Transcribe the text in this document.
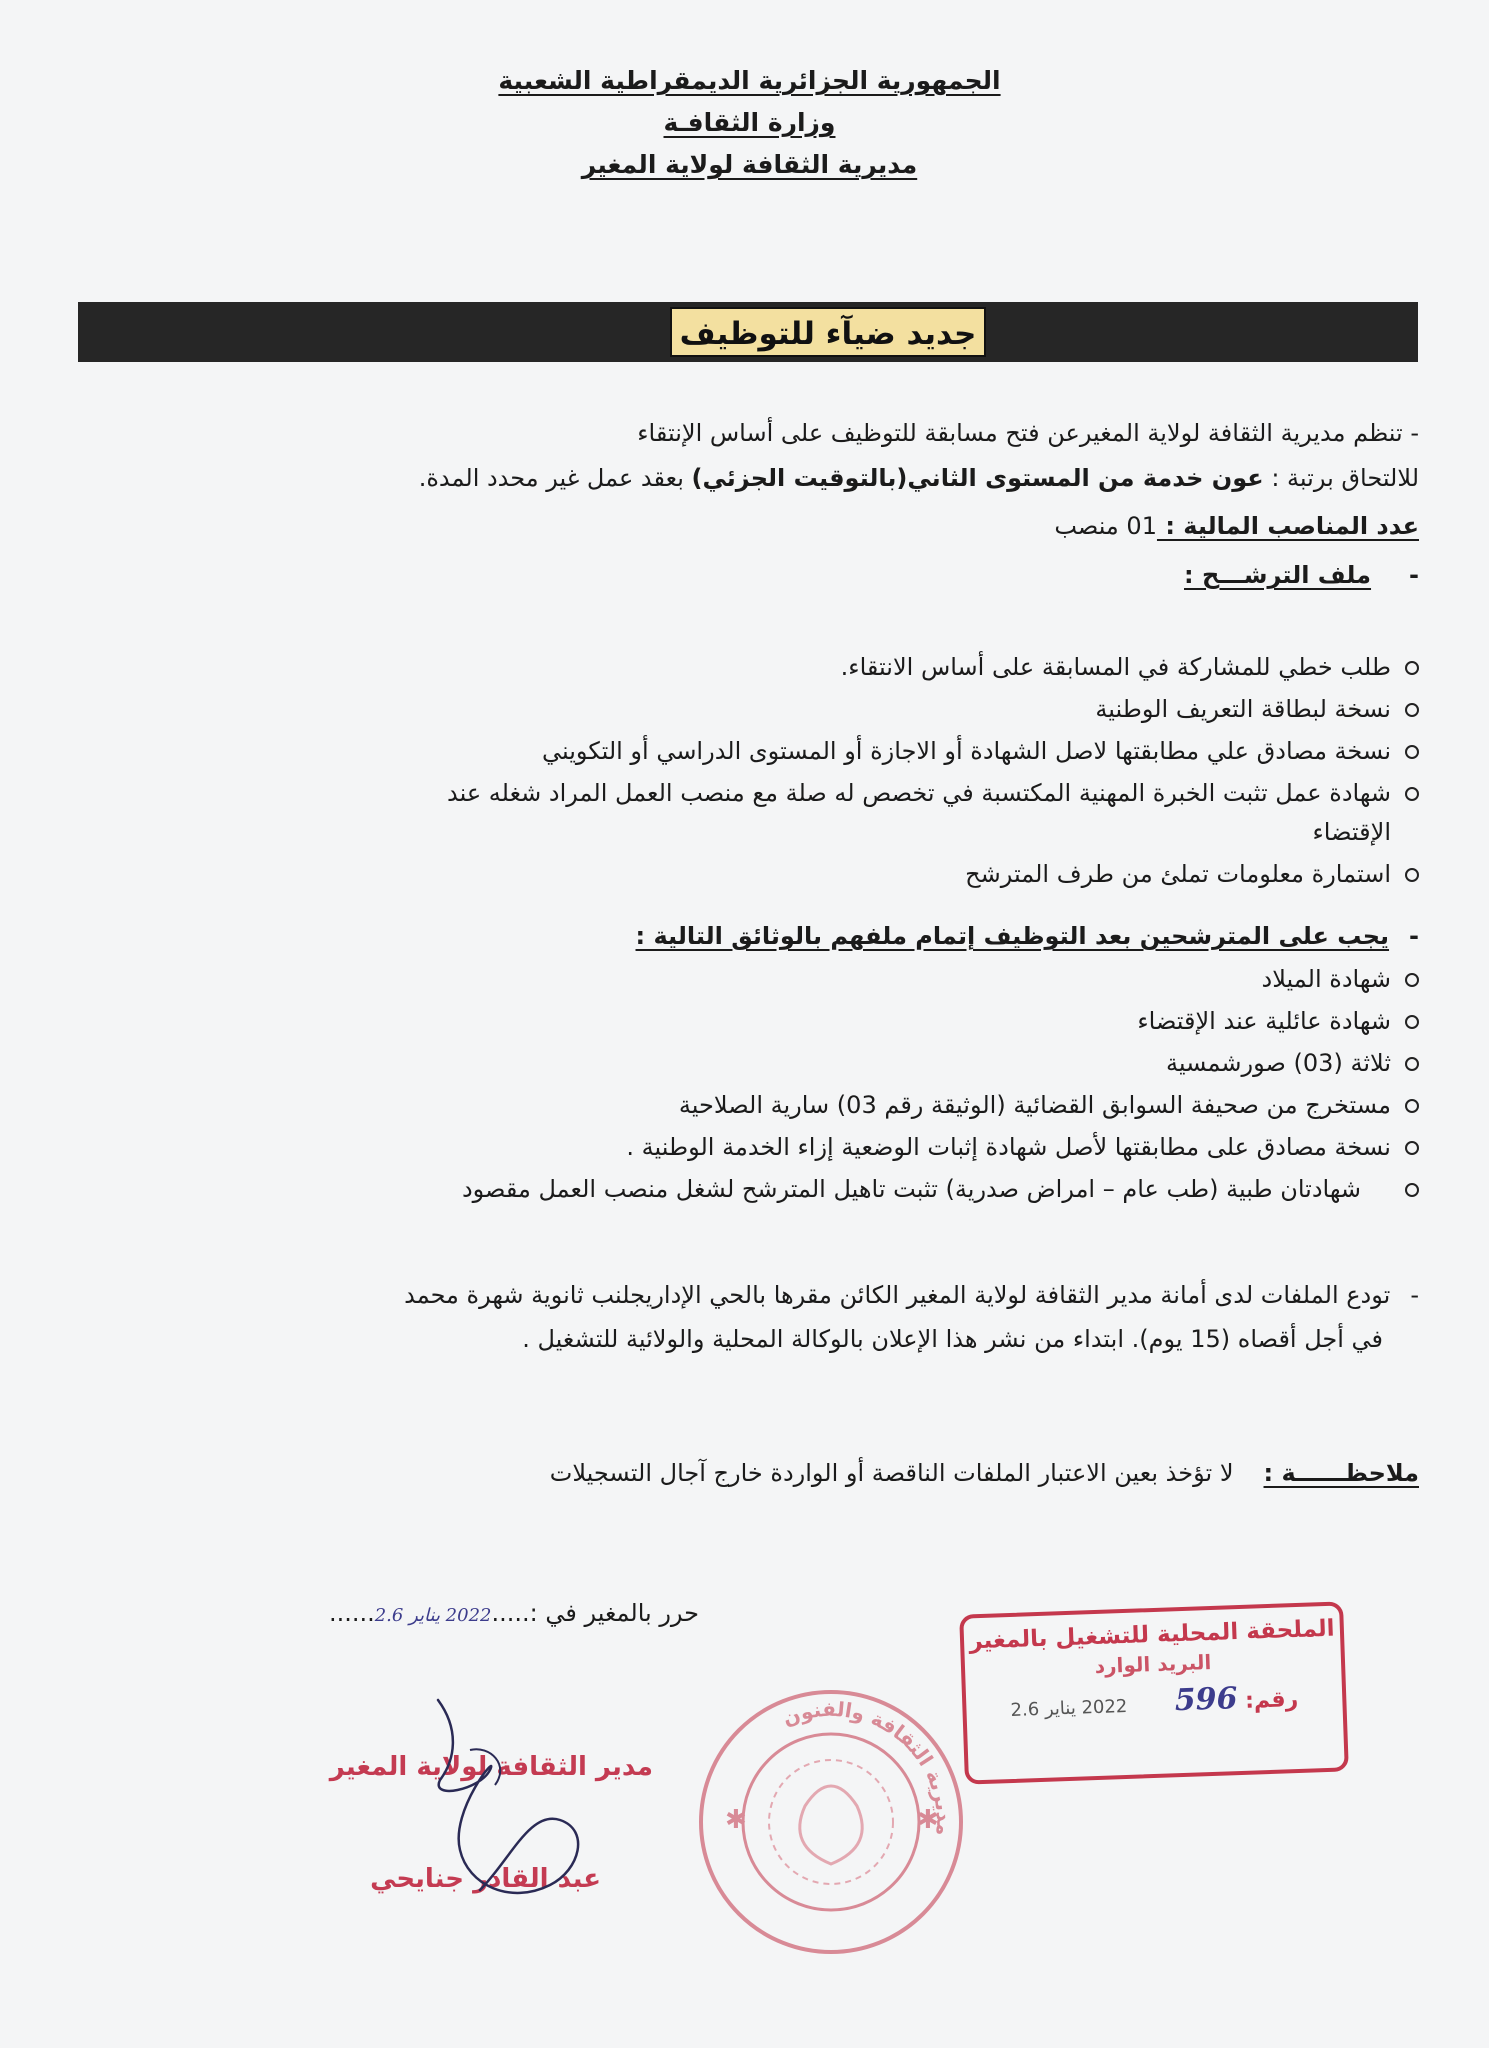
الجمهورية الجزائرية الديمقراطية الشعبية
وزارة الثقافـة
مديرية الثقافة لولاية المغير
جديد ضيآء للتوظيف
- تنظم مديرية الثقافة لولاية المغيرعن فتح مسابقة للتوظيف على أساس الإنتقاء
للالتحاق برتبة : عون خدمة من المستوى الثاني(بالتوقيت الجزئي) بعقد عمل غير محدد المدة.
عدد المناصب المالية : 01 منصب
-ملف الترشـــح :
طلب خطي للمشاركة في المسابقة على أساس الانتقاء.
نسخة لبطاقة التعريف الوطنية
نسخة مصادق علي مطابقتها لاصل الشهادة أو الاجازة أو المستوى الدراسي أو التكويني
شهادة عمل تثبت الخبرة المهنية المكتسبة في تخصص له صلة مع منصب العمل المراد شغله عند الإقتضاء
استمارة معلومات تملئ من طرف المترشح
-يجب على المترشحين بعد التوظيف إتمام ملفهم بالوثائق التالية :
شهادة الميلاد
شهادة عائلية عند الإقتضاء
ثلاثة (03) صورشمسية
مستخرج من صحيفة السوابق القضائية (الوثيقة رقم 03) سارية الصلاحية
نسخة مصادق على مطابقتها لأصل شهادة إثبات الوضعية إزاء الخدمة الوطنية .
شهادتان طبية (طب عام – امراض صدرية) تثبت تاهيل المترشح لشغل منصب العمل مقصود
-تودع الملفات لدى أمانة مدير الثقافة لولاية المغير الكائن مقرها بالحي الإداريجلنب ثانوية شهرة محمد
في أجل أقصاه (15 يوم). ابتداء من نشر هذا الإعلان بالوكالة المحلية والولائية للتشغيل .
ملاحظــــــة :لا تؤخذ بعين الاعتبار الملفات الناقصة أو الواردة خارج آجال التسجيلات
حرر بالمغير في :.....2022 يناير 2.6......
الملحقة المحلية للتشغيل بالمغير
البريد الوارد
رقم: 596 2022 يناير 2.6
✱	✱
مديرية الثقافة والفنون
مدير الثقافة لولاية المغير
عبد القادر جنايحي
